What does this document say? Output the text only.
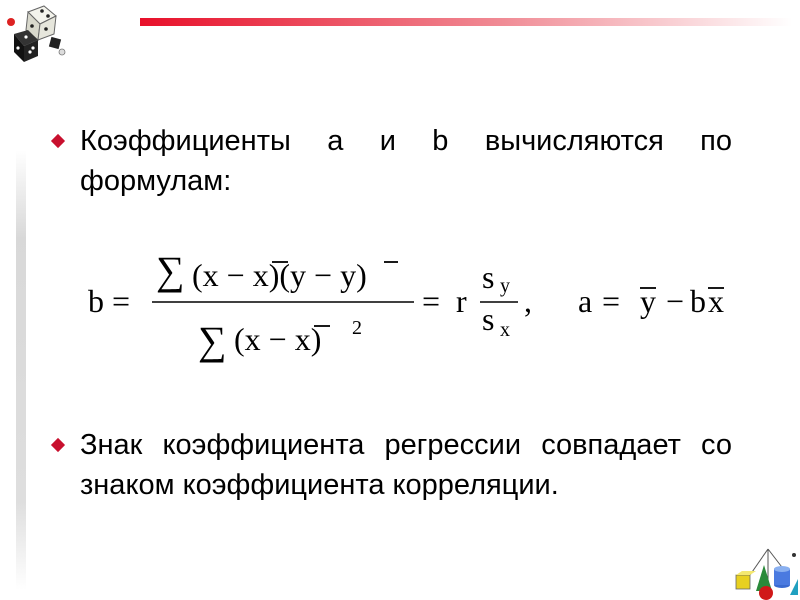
Коэффициенты a и b вычисляются по формулам:
b =
∑ (x − x)(y − y)
∑ (x − x) 2
= r
s y
s x
, a = y − b x
Знак коэффициента регрессии совпадает со знаком коэффициента корреляции.
